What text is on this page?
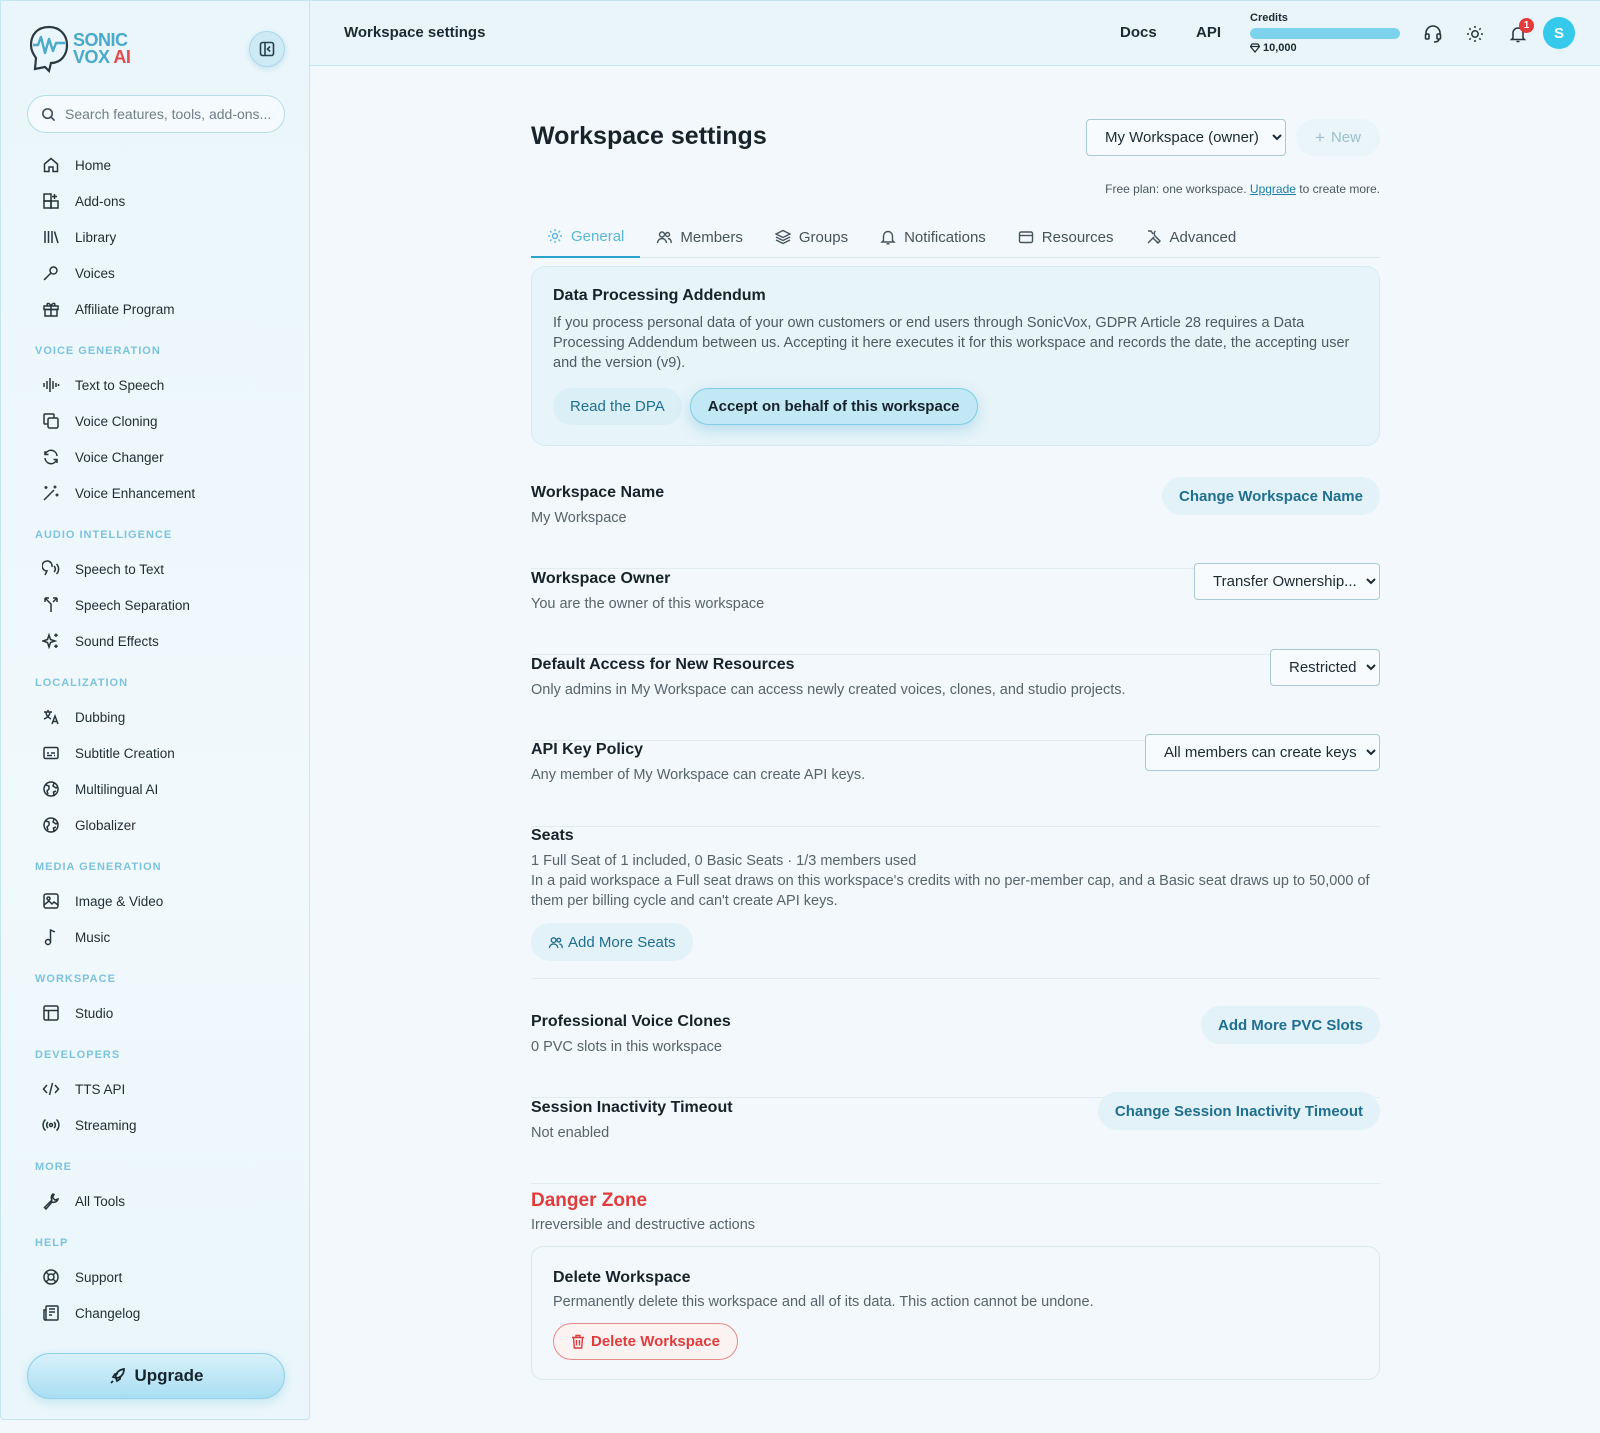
SONIC
VOX AI
Search features, tools, add-ons...
Home
Add-ons
Library
Voices
Affiliate Program
VOICE GENERATION
Text to Speech
Voice Cloning
Voice Changer
Voice Enhancement
AUDIO INTELLIGENCE
Speech to Text
Speech Separation
Sound Effects
LOCALIZATION
Dubbing
Subtitle Creation
Multilingual AI
Globalizer
MEDIA GENERATION
Image & Video
Music
WORKSPACE
Studio
DEVELOPERS
TTS API
Streaming
MORE
All Tools
HELP
Support
Changelog
Upgrade
Workspace settings	Docs	API
Credits
10,000
1	S
Workspace settings
My Workspace (owner)	+ New
Free plan: one workspace. Upgrade to create more.
General	Members	Groups	Notifications	Resources	Advanced
Data Processing Addendum

If you process personal data of your own customers or end users through SonicVox, GDPR Article 28 requires a Data Processing Addendum between us. Accepting it here executes it for this workspace and records the date, the accepting user and the version (v9).

Read the DPA	Accept on behalf of this workspace
Workspace Name
My Workspace
Change Workspace Name
Workspace Owner
You are the owner of this workspace
Transfer Ownership...
Default Access for New Resources
Only admins in My Workspace can access newly created voices, clones, and studio projects.
Restricted
API Key Policy
Any member of My Workspace can create API keys.
All members can create keys
Seats
1 Full Seat of 1 included, 0 Basic Seats · 1/3 members used
In a paid workspace a Full seat draws on this workspace's credits with no per-member cap, and a Basic seat draws up to 50,000 of them per billing cycle and can't create API keys.
Add More Seats
Professional Voice Clones
0 PVC slots in this workspace
Add More PVC Slots
Session Inactivity Timeout
Not enabled
Change Session Inactivity Timeout
Danger Zone
Irreversible and destructive actions
Delete Workspace

Permanently delete this workspace and all of its data. This action cannot be undone.

Delete Workspace
